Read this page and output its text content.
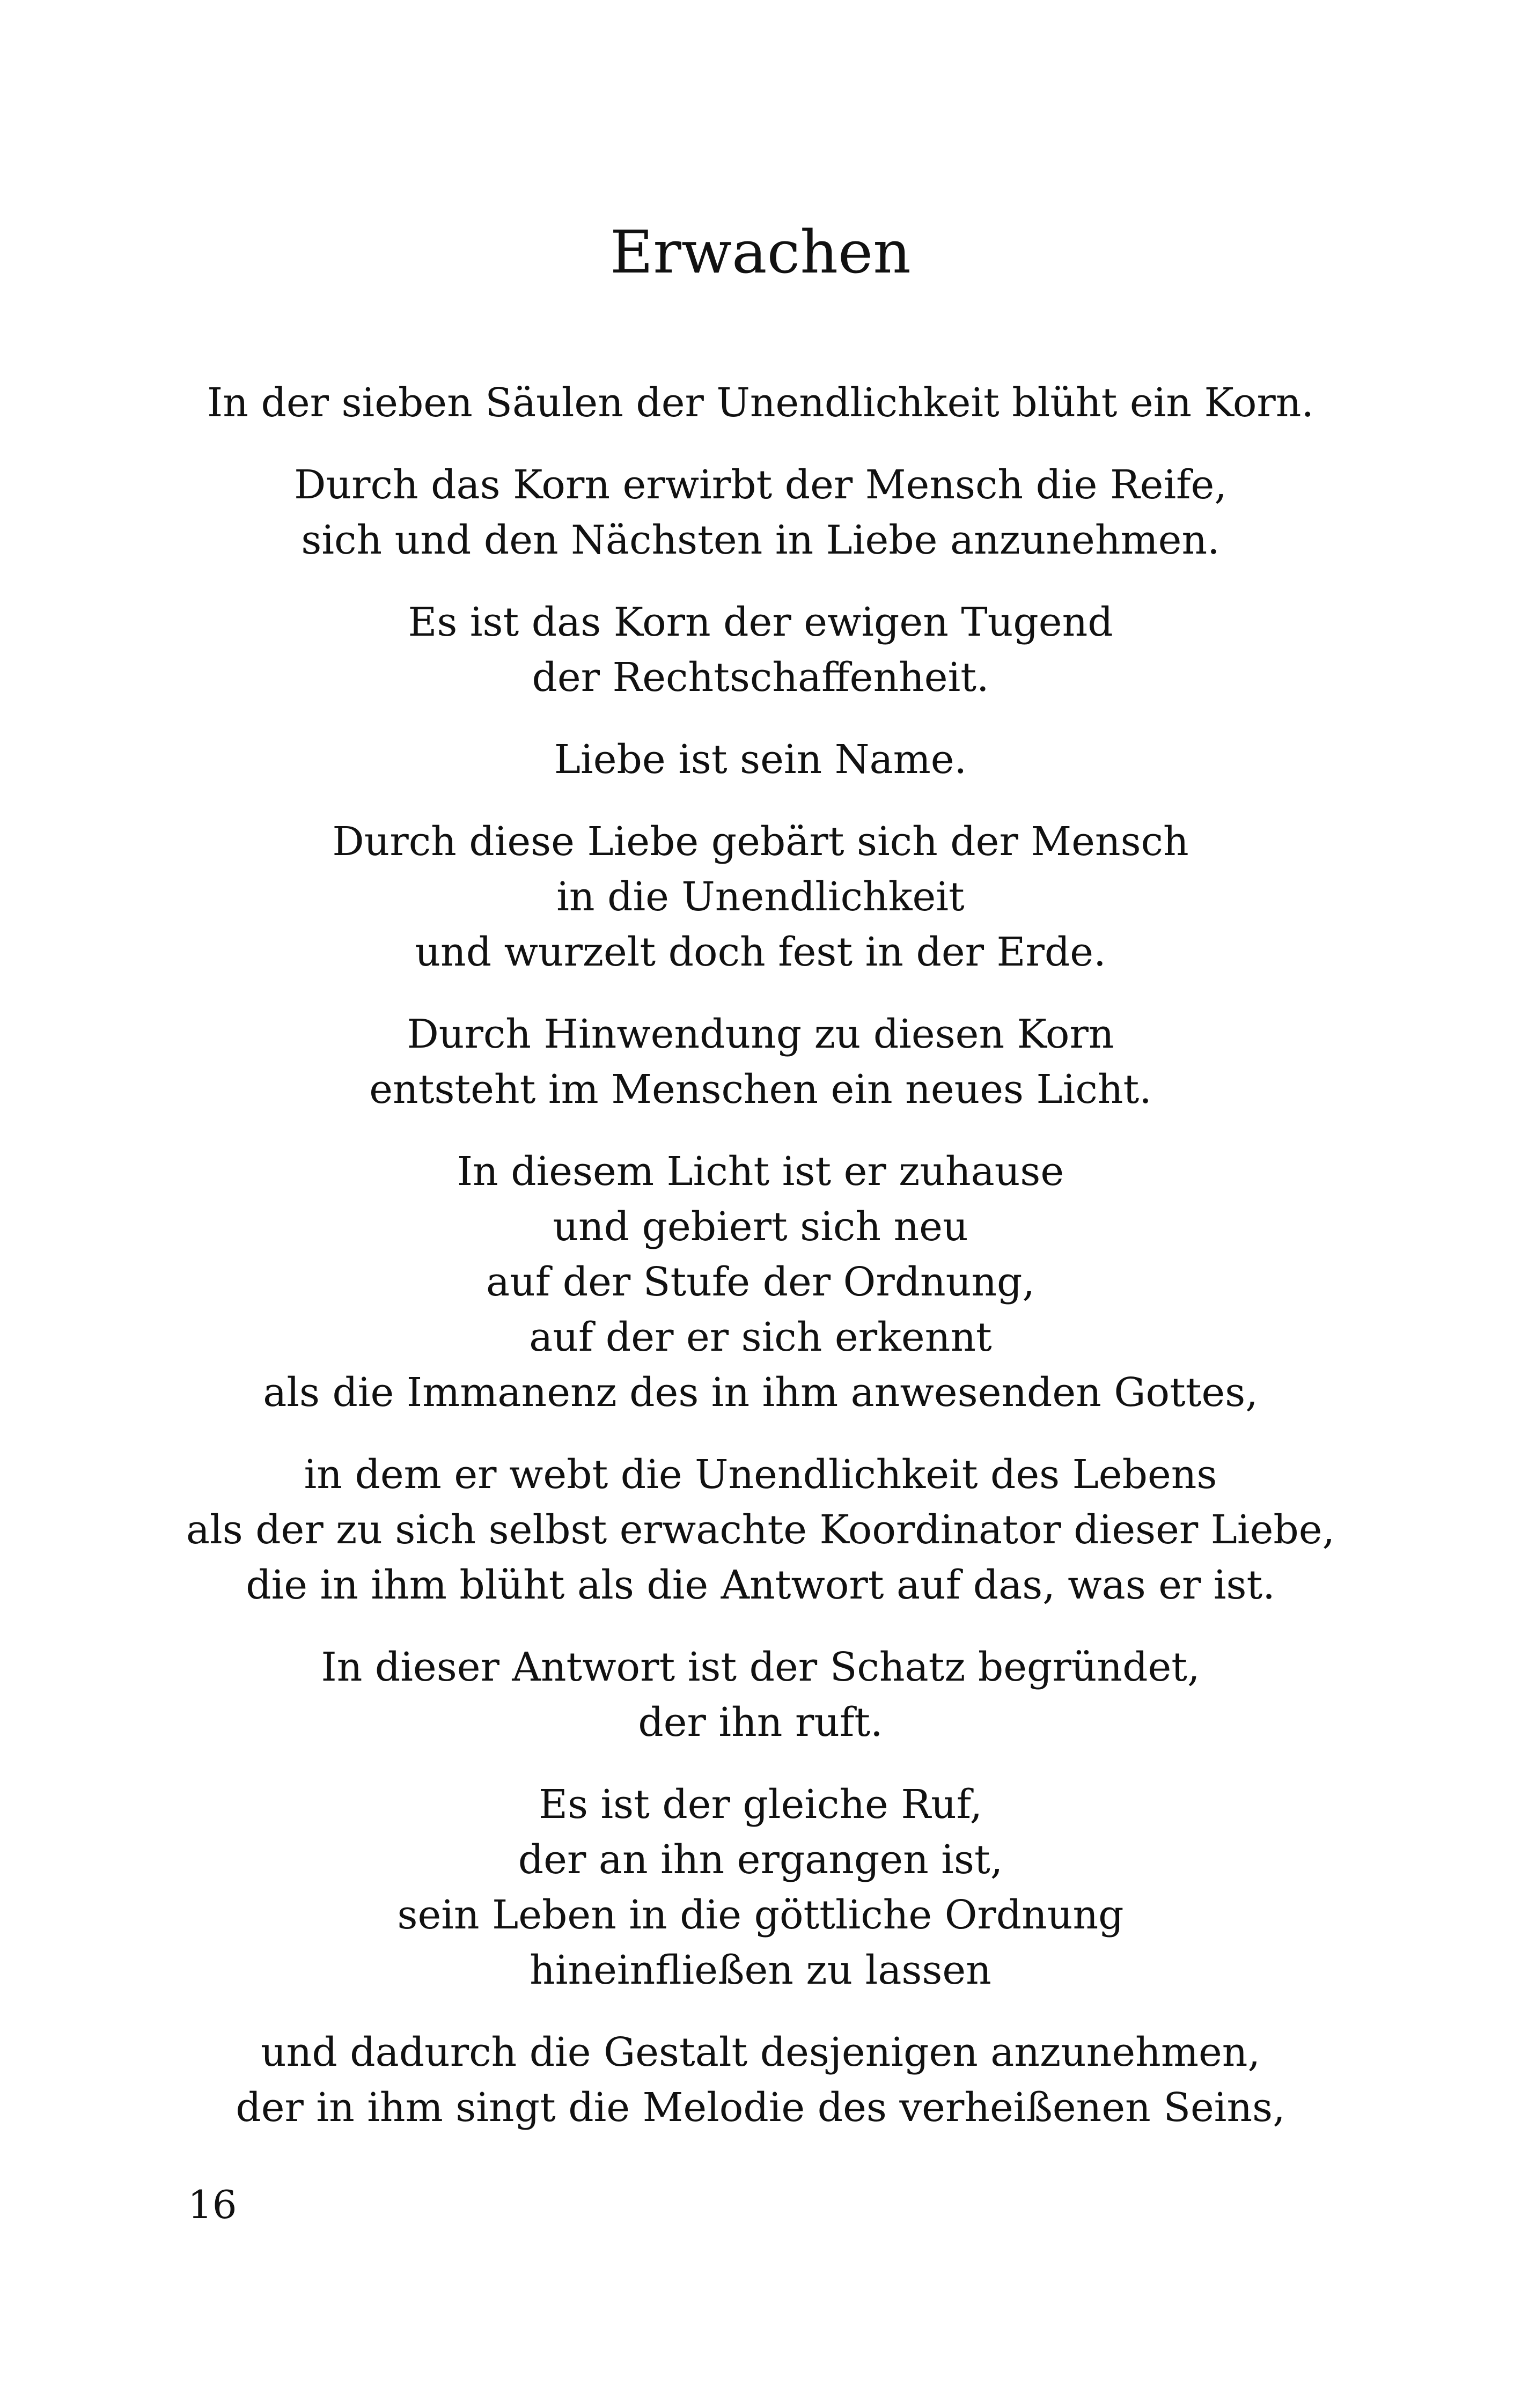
Erwachen
In der sieben Säulen der Unendlichkeit blüht ein Korn.
Durch das Korn erwirbt der Mensch die Reife,
sich und den Nächsten in Liebe anzunehmen.
Es ist das Korn der ewigen Tugend
der Rechtschaffenheit.
Liebe ist sein Name.
Durch diese Liebe gebärt sich der Mensch
in die Unendlichkeit
und wurzelt doch fest in der Erde.
Durch Hinwendung zu diesen Korn
entsteht im Menschen ein neues Licht.
In diesem Licht ist er zuhause
und gebiert sich neu
auf der Stufe der Ordnung,
auf der er sich erkennt
als die Immanenz des in ihm anwesenden Gottes,
in dem er webt die Unendlichkeit des Lebens
als der zu sich selbst erwachte Koordinator dieser Liebe,
die in ihm blüht als die Antwort auf das, was er ist.
In dieser Antwort ist der Schatz begründet,
der ihn ruft.
Es ist der gleiche Ruf,
der an ihn ergangen ist,
sein Leben in die göttliche Ordnung
hineinfließen zu lassen
und dadurch die Gestalt desjenigen anzunehmen,
der in ihm singt die Melodie des verheißenen Seins,
16
